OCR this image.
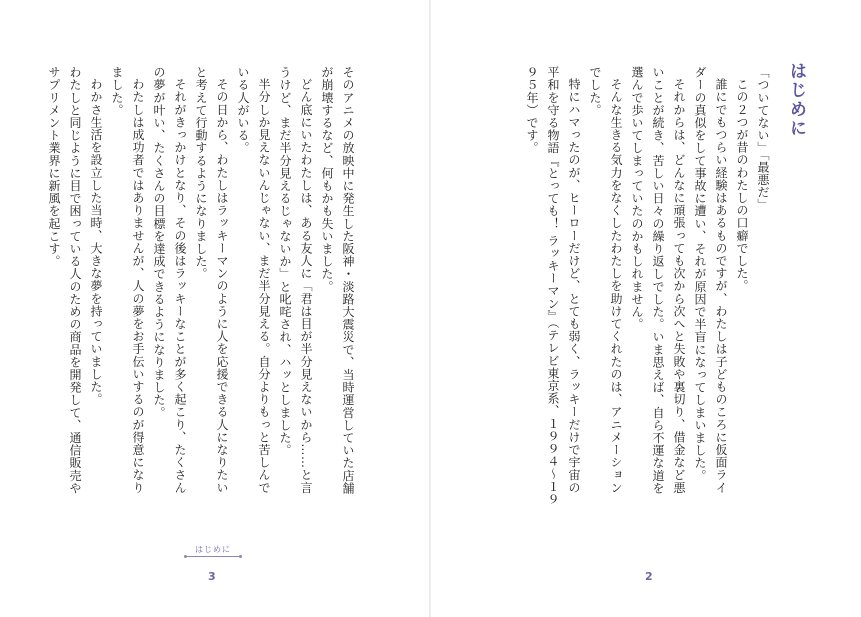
そのアニメの放映中に発生した阪神・淡路大震災で、当時運営していた店舗が崩壊するなど、何もかも失いました。
どん底にいたわたしは、ある友人に「君は目が半分見えないから……と言うけど、まだ半分見えるじゃないか」と叱咤され、ハッとしました。
半分しか見えないんじゃない、まだ半分見える。自分よりもっと苦しんでいる人がいる。
その日から、わたしはラッキーマンのように人を応援できる人になりたいと考えて行動するようになりました。
それがきっかけとなり、その後はラッキーなことが多く起こり、たくさんの夢が叶い、たくさんの目標を達成できるようになりました。
わたしは成功者ではありませんが、人の夢をお手伝いするのが得意になりました。
わかさ生活を設立した当時、大きな夢を持っていました。
わたしと同じように目で困っている人のための商品を開発して、通信販売やサプリメント業界に新風を起こす。
はじめに
3
はじめに
「ついてない」「最悪だ」
この２つが昔のわたしの口癖でした。
誰にでもつらい経験はあるものですが、わたしは子どものころに仮面ライダーの真似をして事故に遭い、それが原因で半盲になってしまいました。
それからは、どんなに頑張っても次から次へと失敗や裏切り、借金など悪いことが続き、苦しい日々の繰り返しでした。いま思えば、自ら不運な道を選んで歩いてしまっていたのかもしれません。
そんな生きる気力をなくしたわたしを助けてくれたのは、アニメーションでした。
特にハマったのが、ヒーローだけど、とても弱く、ラッキーだけで宇宙の平和を守る物語『とっても！ ラッキーマン』（テレビ東京系、１９９４～１９９５年）です。
2
